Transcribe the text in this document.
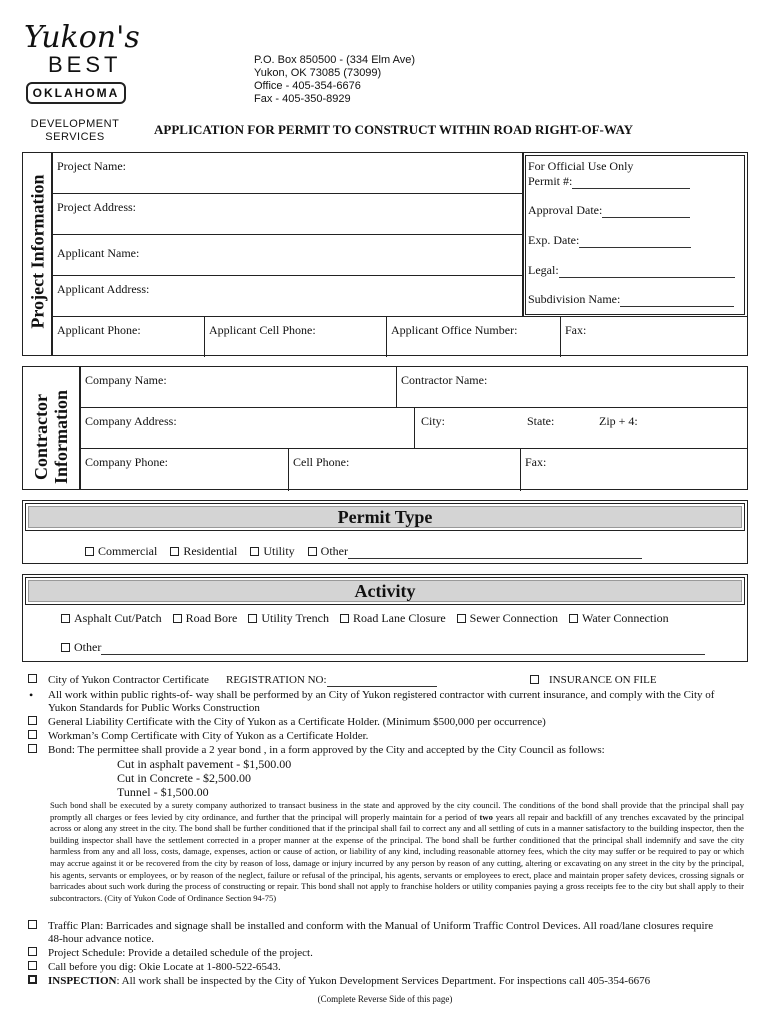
Yukon's
BEST
OKLAHOMA
DEVELOPMENT
SERVICES
P.O. Box 850500 - (334 Elm Ave)
Yukon, OK 73085 (73099)
Office - 405-354-6676
Fax - 405-350-8929
APPLICATION FOR PERMIT TO CONSTRUCT WITHIN ROAD RIGHT-OF-WAY
Project Information
Project Name:
Project Address:
Applicant Name:
Applicant Address:
Applicant Phone:	Applicant Cell Phone:	Applicant Office Number:	Fax:
For Official Use Only
Permit #:
Approval Date:
Exp. Date:
Legal:
Subdivision Name:
Contractor Information
Company Name:	Contractor Name:
Company Address:	City:	State:	Zip + 4:
Company Phone:	Cell Phone:	Fax:
Permit Type
Commercial Residential Utility Other
Activity
Asphalt Cut/Patch Road Bore Utility Trench Road Lane Closure Sewer Connection Water Connection
Other
City of Yukon Contractor Certificate REGISTRATION NO:	INSURANCE ON FILE
• All work within public rights-of- way shall be performed by an City of Yukon registered contractor with current insurance, and comply with the City of
Yukon Standards for Public Works Construction
General Liability Certificate with the City of Yukon as a Certificate Holder. (Minimum $500,000 per occurrence)
Workman’s Comp Certificate with City of Yukon as a Certificate Holder.
Bond: The permittee shall provide a 2 year bond , in a form approved by the City and accepted by the City Council as follows:
Cut in asphalt pavement - $1,500.00
Cut in Concrete - $2,500.00
Tunnel - $1,500.00
Such bond shall be executed by a surety company authorized to transact business in the state and approved by the city council. The conditions of the bond shall provide that the principal shall pay promptly all charges or fees levied by city ordinance, and further that the principal will properly maintain for a period of two years all repair and backfill of any trenches excavated by the principal across or along any street in the city. The bond shall be further conditioned that if the principal shall fail to correct any and all settling of cuts in a manner satisfactory to the building inspector, then the building inspector shall have the settlement corrected in a proper manner at the expense of the principal. The bond shall be further conditioned that the principal shall indemnify and save the city harmless from any and all loss, costs, damage, expenses, action or cause of action, or liability of any kind, including reasonable attorney fees, which the city may suffer or be required to pay or which may accrue against it or be recovered from the city by reason of loss, damage or injury incurred by any person by reason of any cutting, altering or excavating on any street in the city by the principal, his agents, servants or employees, or by reason of the neglect, failure or refusal of the principal, his agents, servants or employees to erect, place and maintain proper safety devices, crossing signals or barricades about such work during the process of constructing or repair. This bond shall not apply to franchise holders or utility companies paying a gross receipts fee to the city but shall apply to their subcontractors. (City of Yukon Code of Ordinance Section 94-75)
Traffic Plan: Barricades and signage shall be installed and conform with the Manual of Uniform Traffic Control Devices. All road/lane closures require
48-hour advance notice.
Project Schedule: Provide a detailed schedule of the project.
Call before you dig: Okie Locate at 1-800-522-6543.
INSPECTION: All work shall be inspected by the City of Yukon Development Services Department. For inspections call 405-354-6676
(Complete Reverse Side of this page)
